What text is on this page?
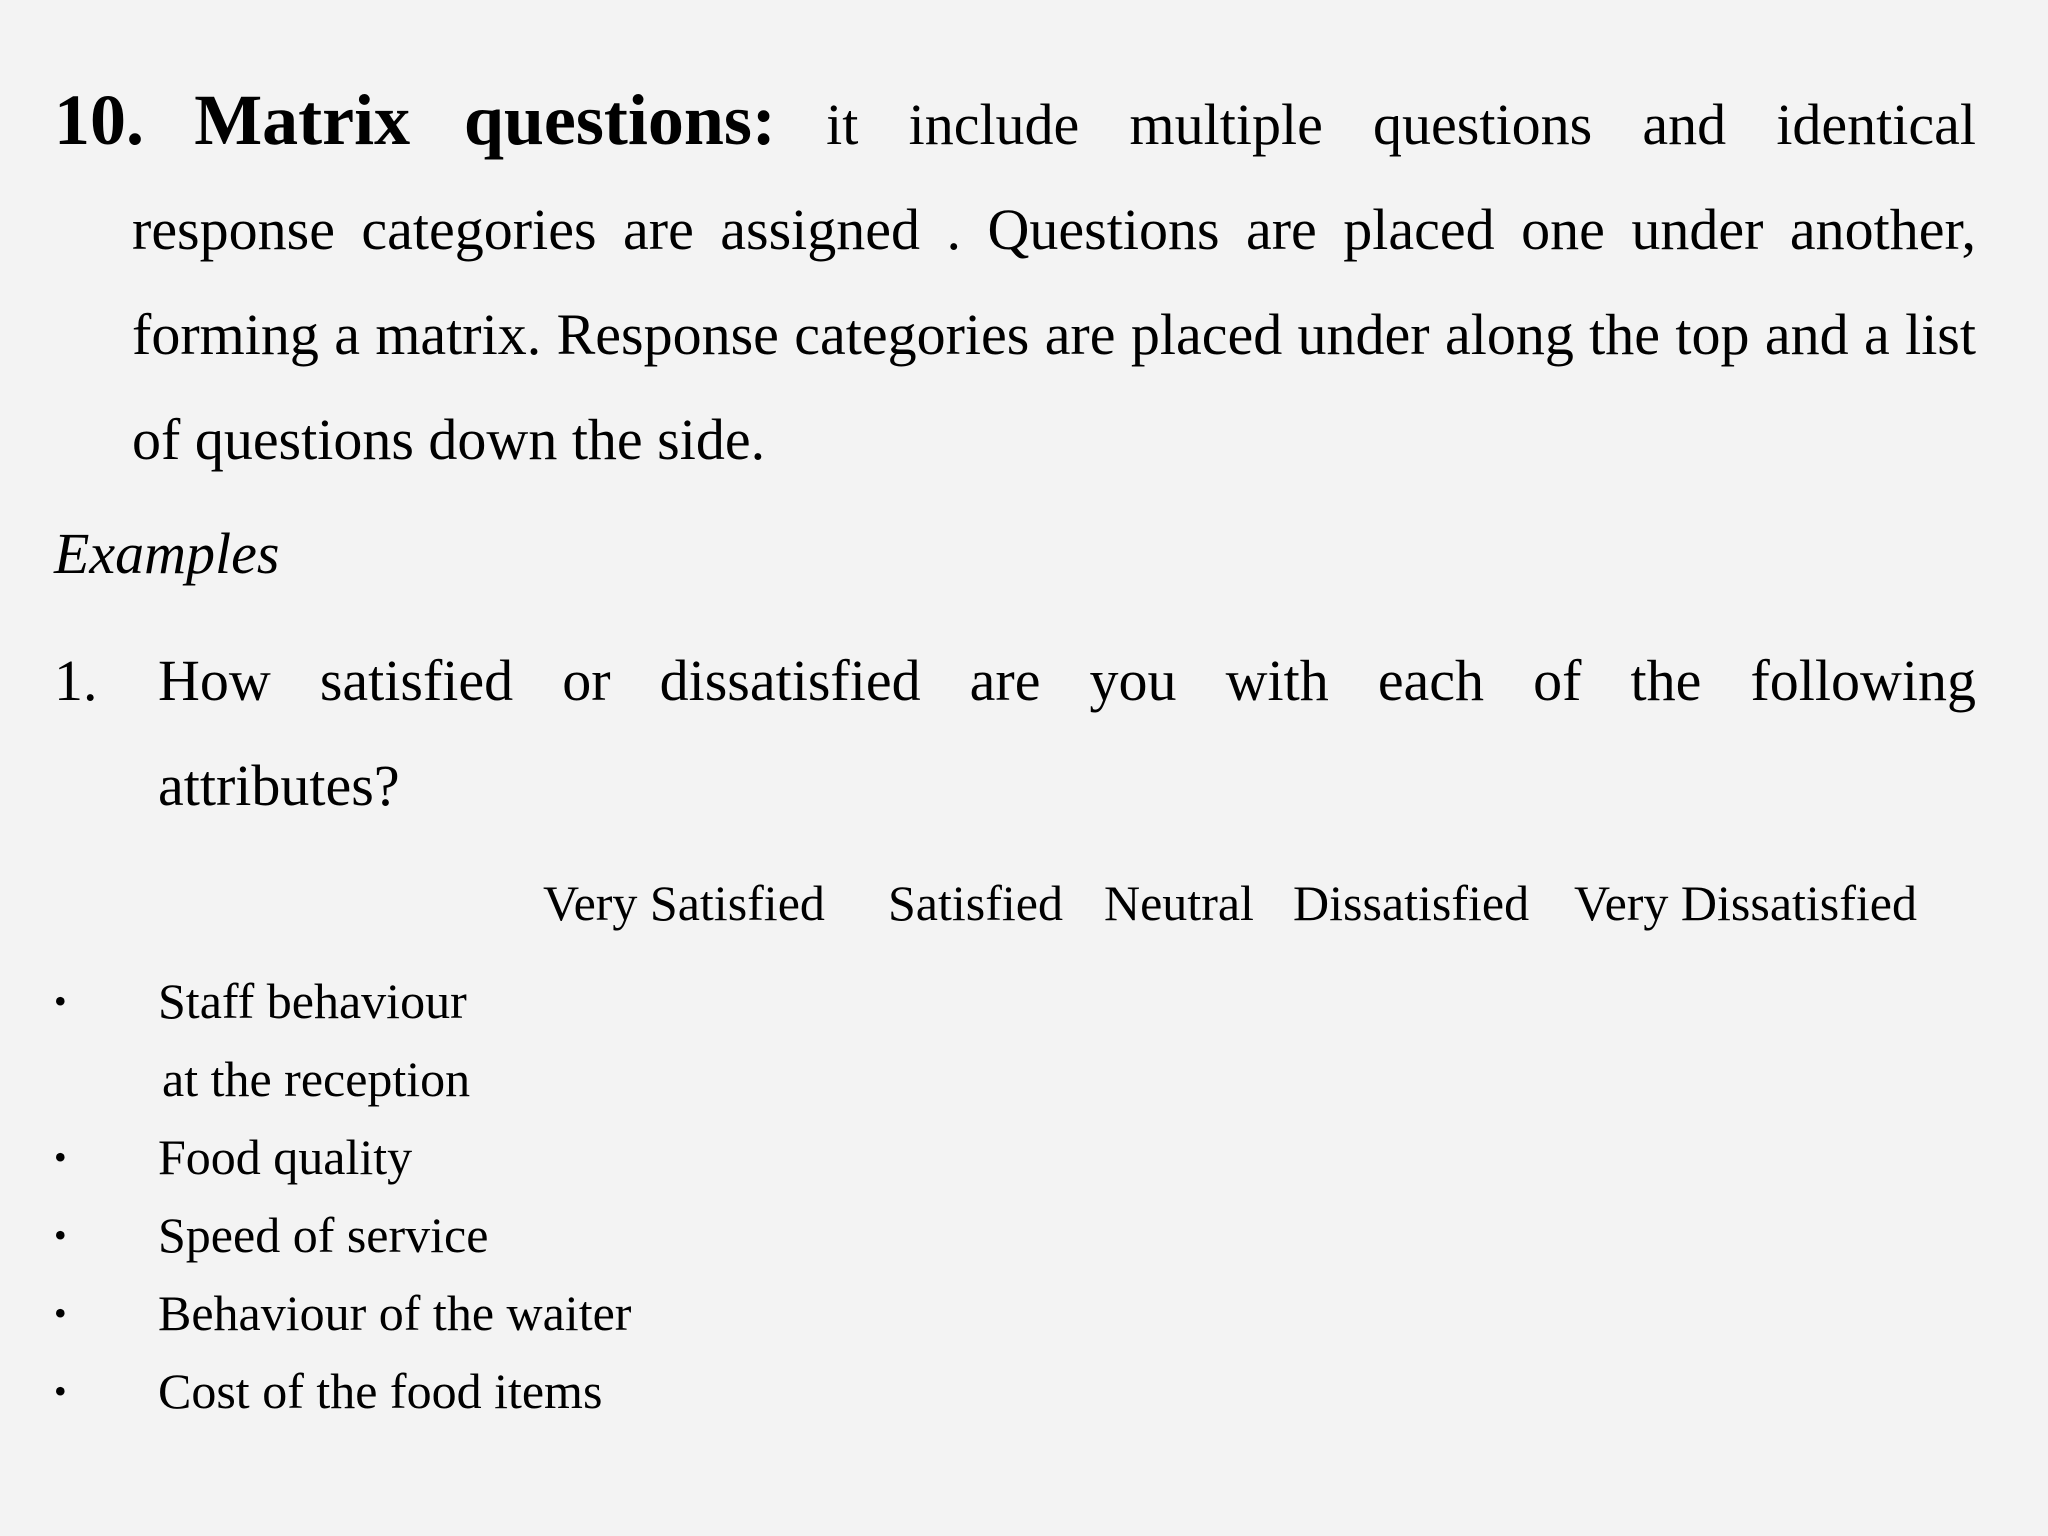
10. Matrix questions: it include multiple questions and identical
response categories are assigned . Questions are placed one under another, forming a matrix. Response categories are placed under along the top and a list of questions down the side.

Examples

1. How satisfied or dissatisfied are you with each of the following
attributes?
Very Satisfied Satisfied Neutral Dissatisfied Very Dissatisfied
• Staff behaviour
at the reception
• Food quality
• Speed of service
• Behaviour of the waiter
• Cost of the food items
